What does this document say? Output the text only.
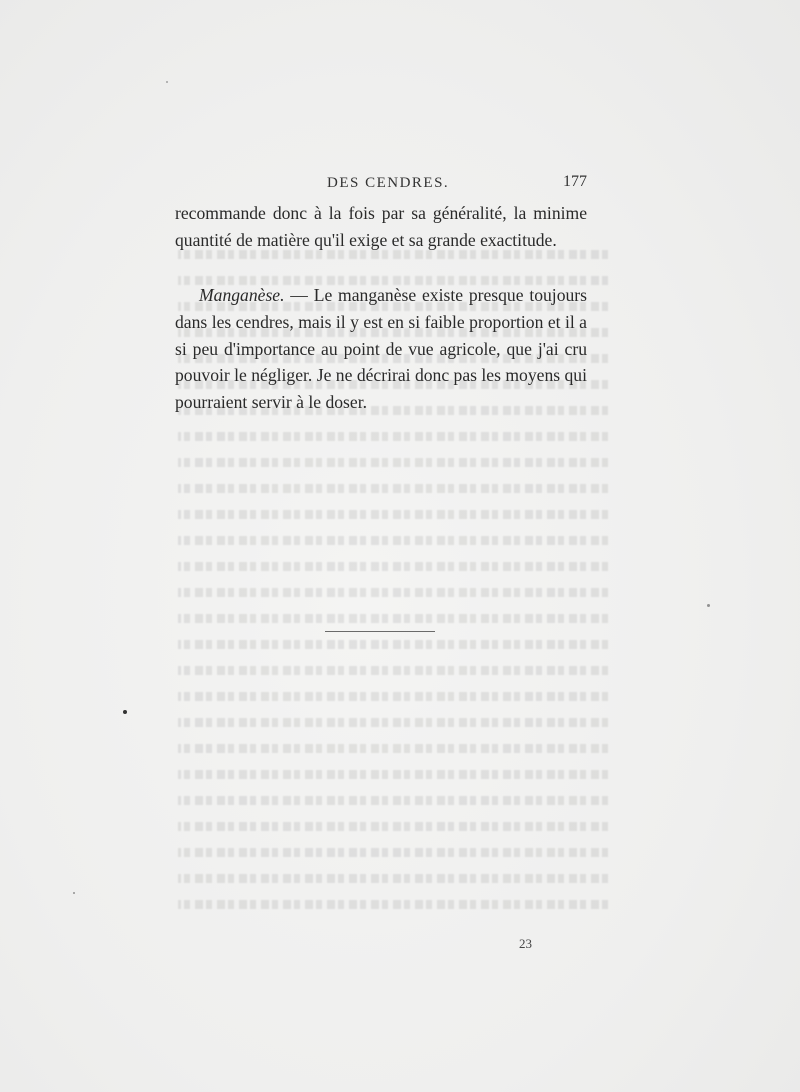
DES CENDRES.	177

recommande donc à la fois par sa généralité, la minime quantité de matière qu'il exige et sa grande exactitude.

Manganèse. — Le manganèse existe presque toujours dans les cendres, mais il y est en si faible proportion et il a si peu d'importance au point de vue agricole, que j'ai cru pouvoir le négliger. Je ne décrirai donc pas les moyens qui pourraient servir à le doser.

23
